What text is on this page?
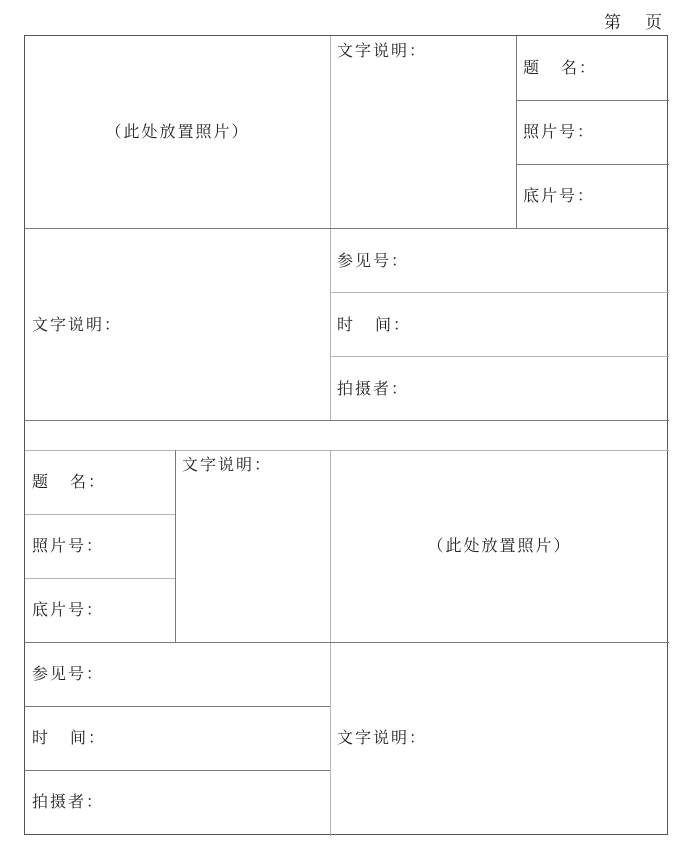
第 页
（此处放置照片）
文字说明：
题 名：
照片号：
底片号：
文字说明：
参见号：
时 间：
拍摄者：
题 名：
照片号：
底片号：
文字说明：
（此处放置照片）
参见号：
时 间：
拍摄者：
文字说明：
